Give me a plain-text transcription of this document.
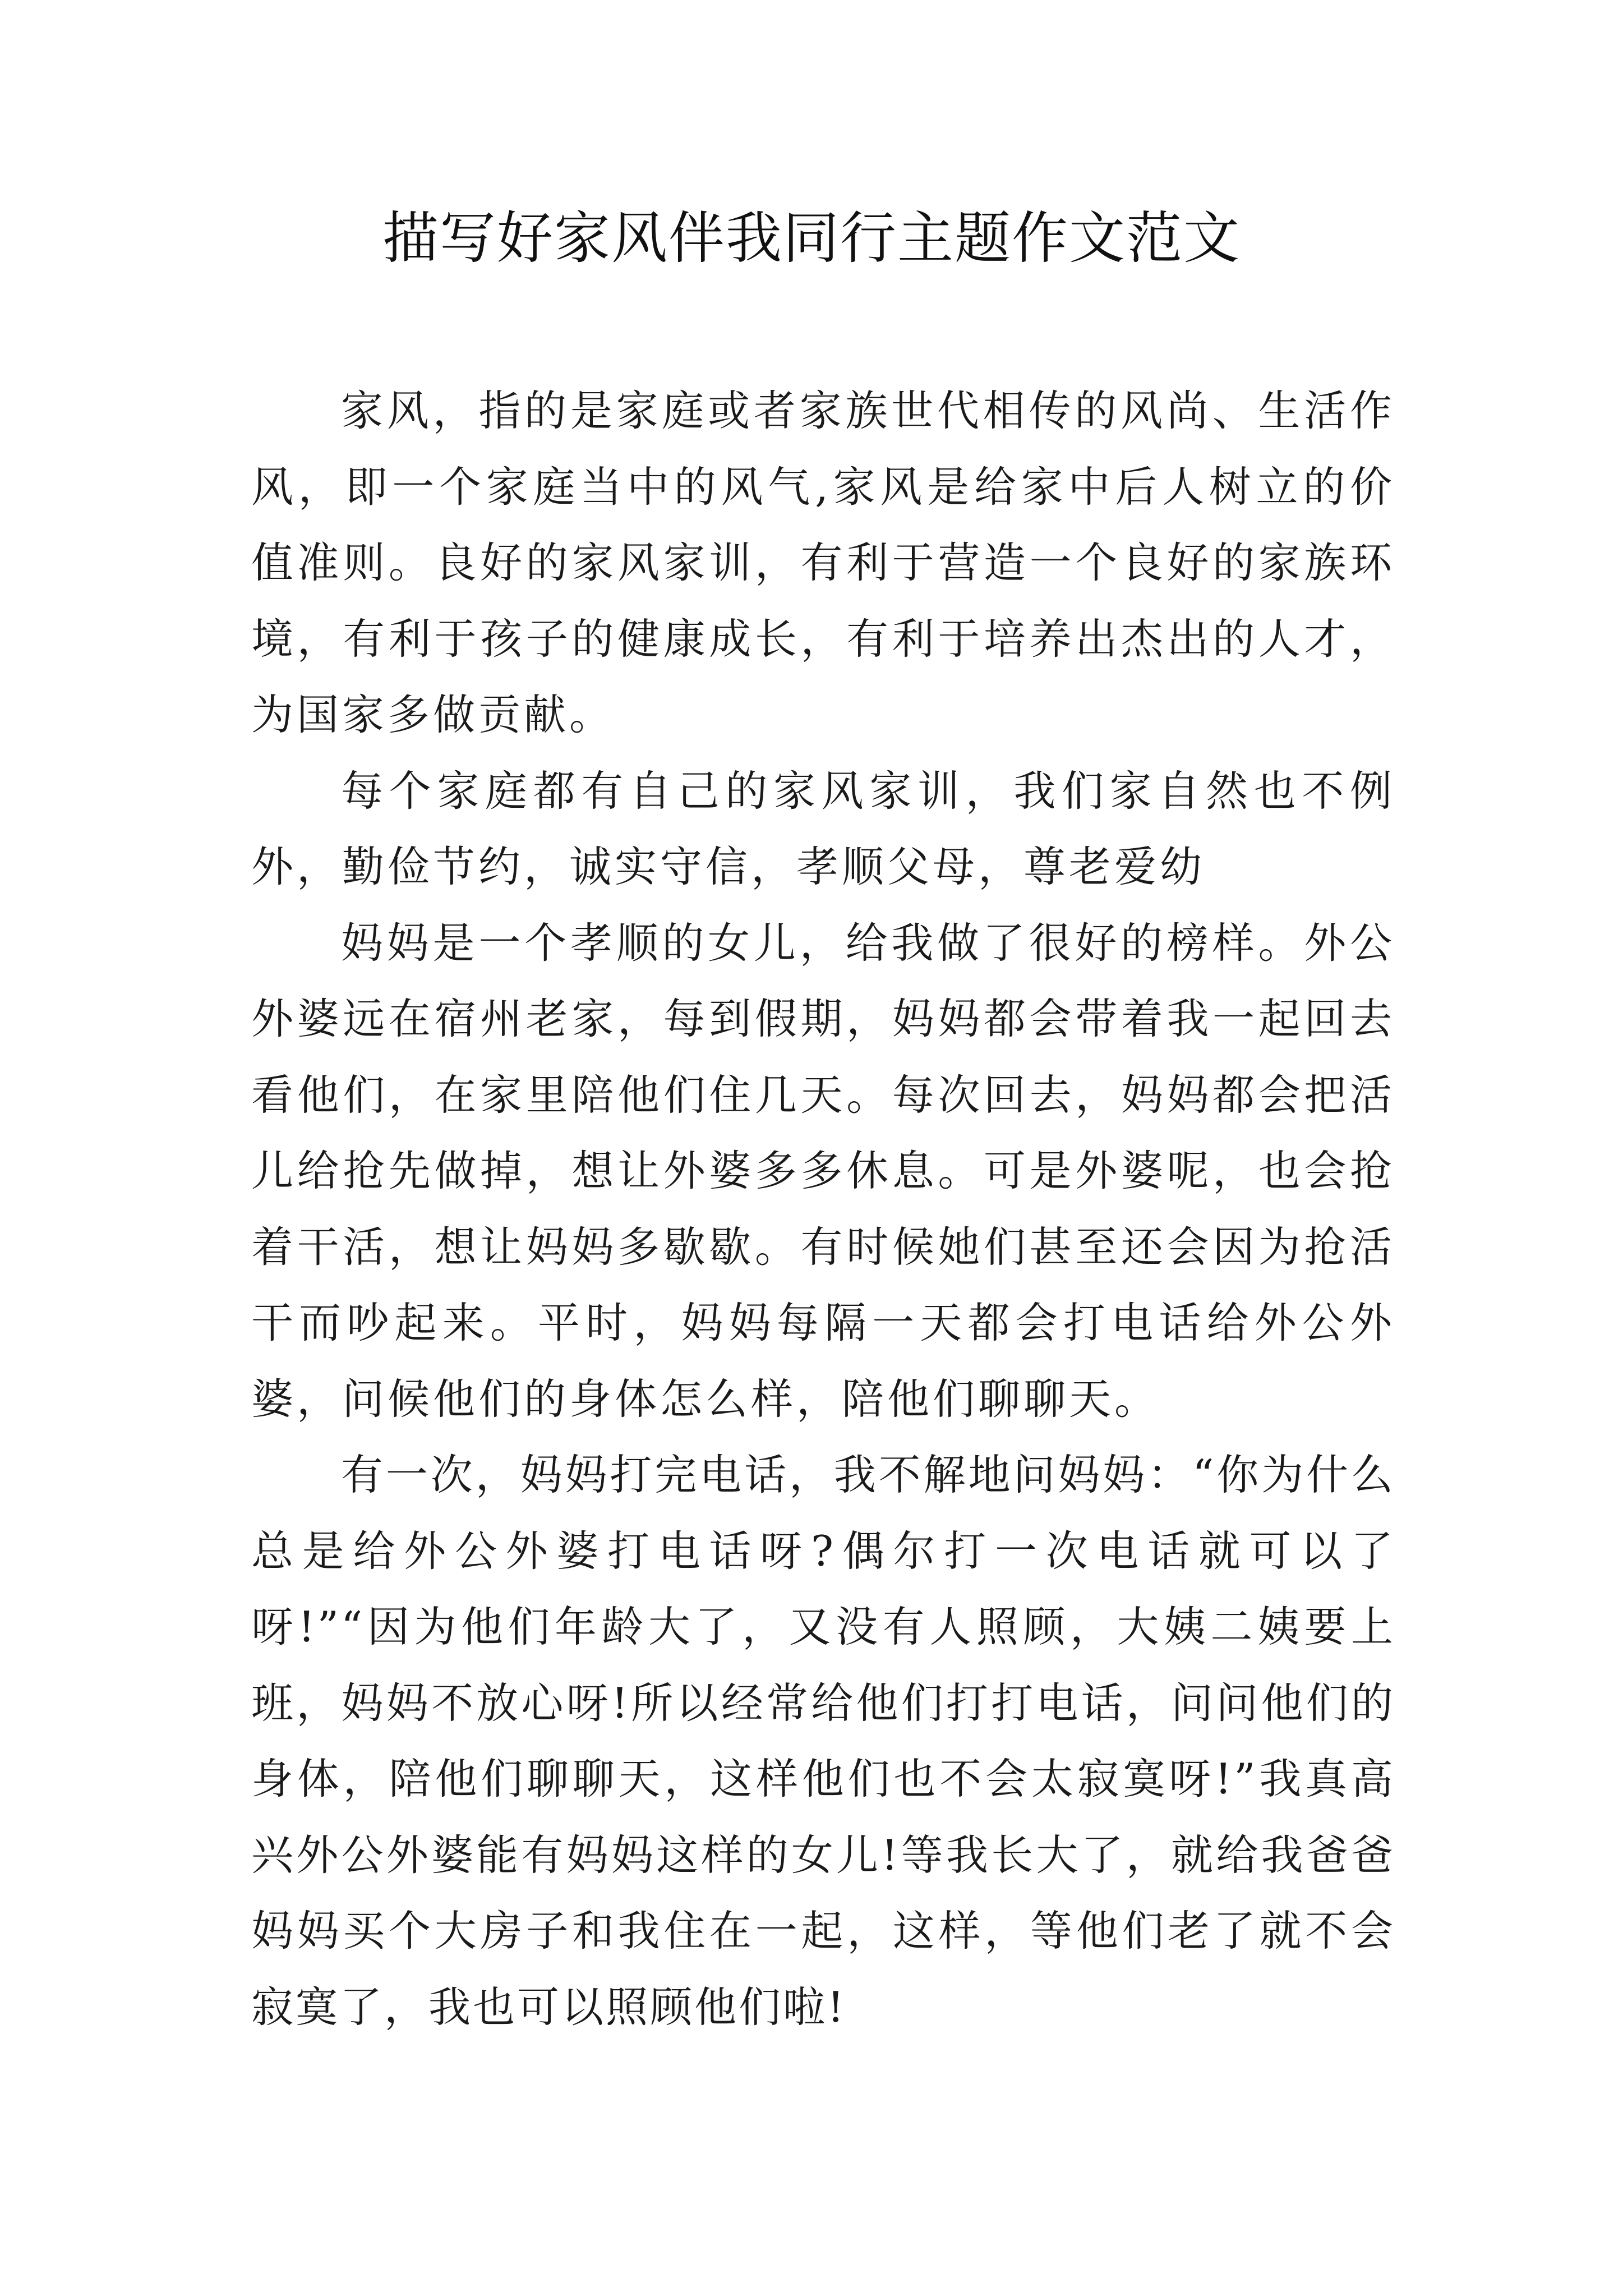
描写好家风伴我同行主题作文范文

家风，指的是家庭或者家族世代相传的风尚、生活作风，即一个家庭当中的风气,家风是给家中后人树立的价值准则。良好的家风家训，有利于营造一个良好的家族环境，有利于孩子的健康成长，有利于培养出杰出的人才，为国家多做贡献。

每个家庭都有自己的家风家训，我们家自然也不例外，勤俭节约，诚实守信，孝顺父母，尊老爱幼

妈妈是一个孝顺的女儿，给我做了很好的榜样。外公外婆远在宿州老家，每到假期，妈妈都会带着我一起回去看他们，在家里陪他们住几天。每次回去，妈妈都会把活儿给抢先做掉，想让外婆多多休息。可是外婆呢，也会抢着干活，想让妈妈多歇歇。有时候她们甚至还会因为抢活干而吵起来。平时，妈妈每隔一天都会打电话给外公外婆，问候他们的身体怎么样，陪他们聊聊天。

有一次，妈妈打完电话，我不解地问妈妈：“你为什么总是给外公外婆打电话呀?偶尔打一次电话就可以了呀!”“因为他们年龄大了，又没有人照顾，大姨二姨要上班，妈妈不放心呀!所以经常给他们打打电话，问问他们的身体，陪他们聊聊天，这样他们也不会太寂寞呀!”我真高兴外公外婆能有妈妈这样的女儿!等我长大了，就给我爸爸妈妈买个大房子和我住在一起，这样，等他们老了就不会寂寞了，我也可以照顾他们啦!
